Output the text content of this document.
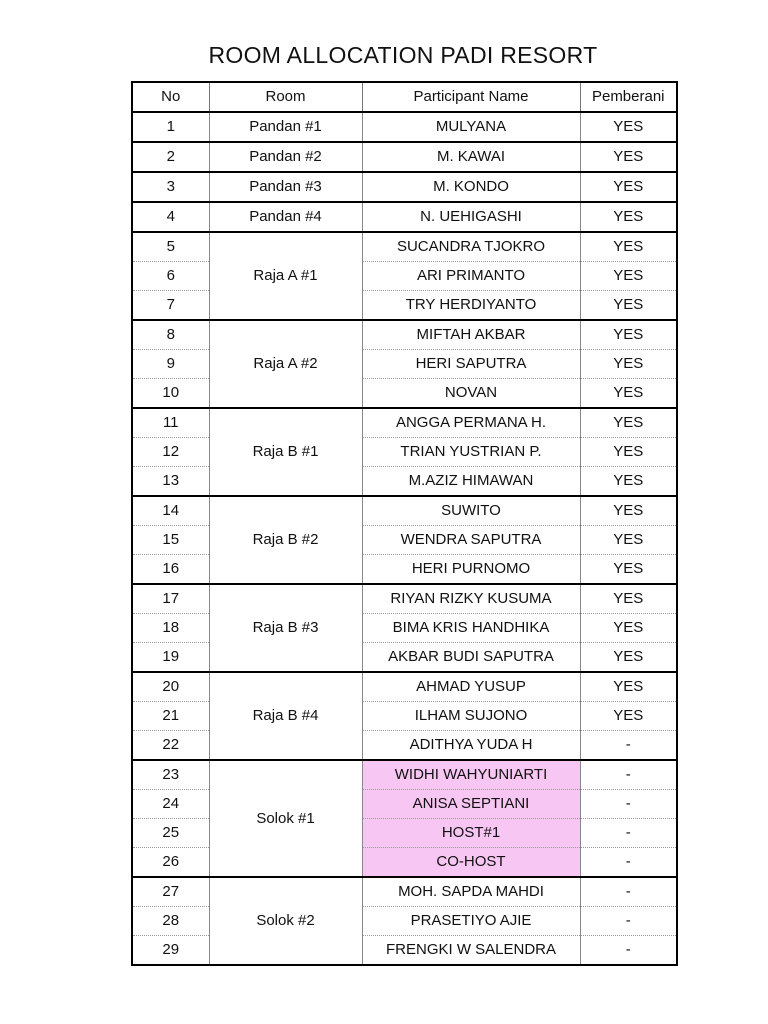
ROOM ALLOCATION PADI RESORT
No	Room	Participant Name	Pemberani
1	Pandan #1	MULYANA	YES
2	Pandan #2	M. KAWAI	YES
3	Pandan #3	M. KONDO	YES
4	Pandan #4	N. UEHIGASHI	YES
5	Raja A #1	SUCANDRA TJOKRO	YES
6		ARI PRIMANTO	YES
7		TRY HERDIYANTO	YES
8	Raja A #2	MIFTAH AKBAR	YES
9		HERI SAPUTRA	YES
10		NOVAN	YES
11	Raja B #1	ANGGA PERMANA H.	YES
12		TRIAN YUSTRIAN P.	YES
13		M.AZIZ HIMAWAN	YES
14	Raja B #2	SUWITO	YES
15		WENDRA SAPUTRA	YES
16		HERI PURNOMO	YES
17	Raja B #3	RIYAN RIZKY KUSUMA	YES
18		BIMA KRIS HANDHIKA	YES
19		AKBAR BUDI SAPUTRA	YES
20	Raja B #4	AHMAD YUSUP	YES
21		ILHAM SUJONO	YES
22		ADITHYA YUDA H	-
23	Solok #1	WIDHI WAHYUNIARTI	-
24		ANISA SEPTIANI	-
25		HOST#1	-
26		CO-HOST	-
27	Solok #2	MOH. SAPDA MAHDI	-
28		PRASETIYO AJIE	-
29		FRENGKI W SALENDRA	-
